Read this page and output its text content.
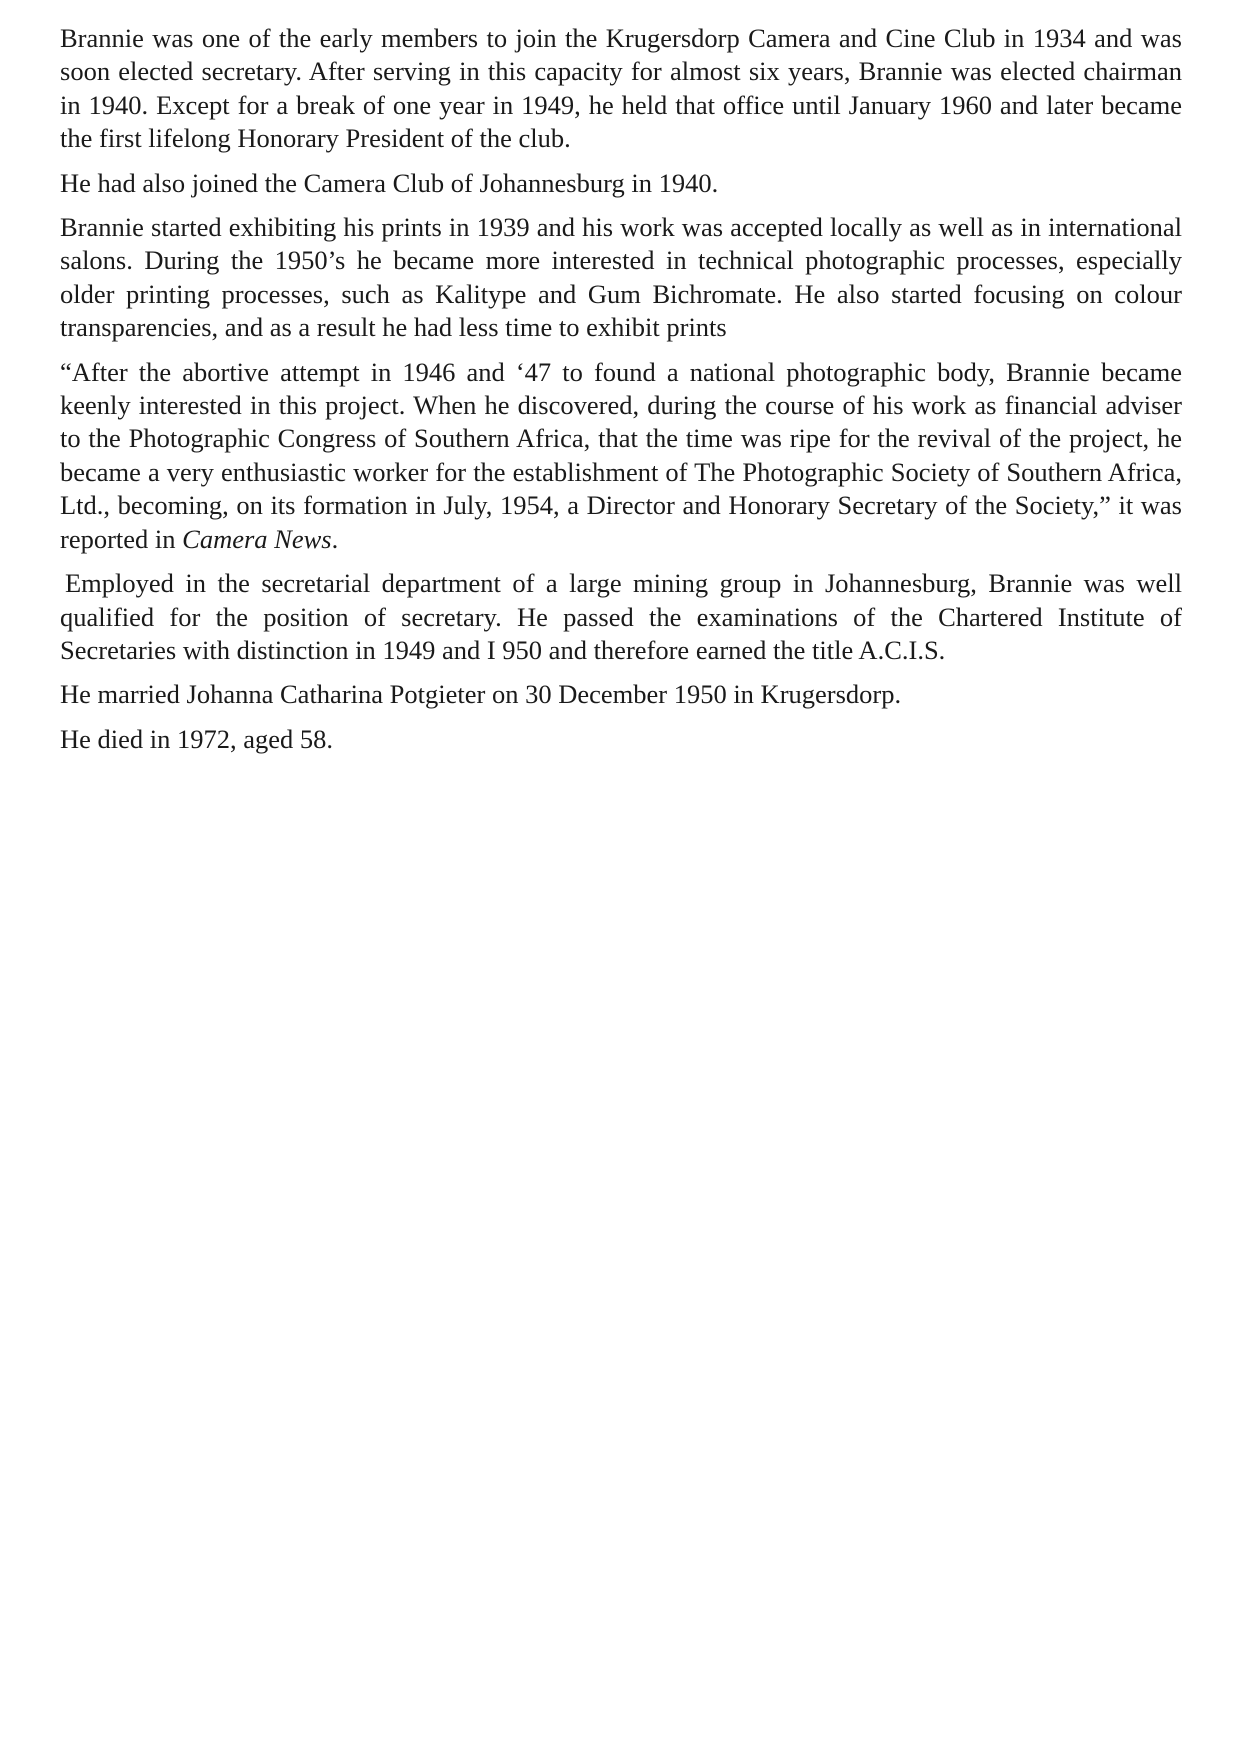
Brannie was one of the early members to join the Krugersdorp Camera and Cine Club in 1934 and was soon elected secretary. After serving in this capacity for almost six years, Brannie was elected chairman in 1940. Except for a break of one year in 1949, he held that office until January 1960 and later became the first lifelong Honorary President of the club.

He had also joined the Camera Club of Johannesburg in 1940.

Brannie started exhibiting his prints in 1939 and his work was accepted locally as well as in international salons. During the 1950’s he became more interested in technical photographic processes, especially older printing processes, such as Kalitype and Gum Bichromate. He also started focusing on colour transparencies, and as a result he had less time to exhibit prints

“After the abortive attempt in 1946 and ‘47 to found a national photographic body, Brannie became keenly interested in this project. When he discovered, during the course of his work as financial adviser to the Photographic Congress of Southern Africa, that the time was ripe for the revival of the project, he became a very enthusiastic worker for the establishment of The Photographic Society of Southern Africa, Ltd., becoming, on its formation in July, 1954, a Director and Honorary Secretary of the Society,” it was reported in Camera News.

Employed in the secretarial department of a large mining group in Johannesburg, Brannie was well qualified for the position of secretary. He passed the examinations of the Chartered Institute of Secretaries with distinction in 1949 and I 950 and therefore earned the title A.C.I.S.

He married Johanna Catharina Potgieter on 30 December 1950 in Krugersdorp.

He died in 1972, aged 58.
